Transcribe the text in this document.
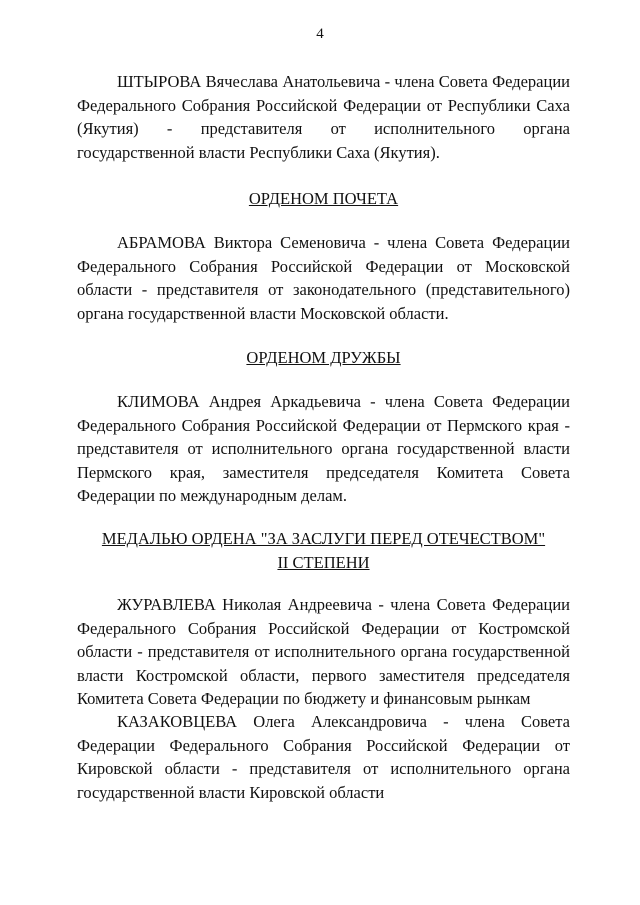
4

ШТЫРОВА Вячеслава Анатольевича - члена Совета Федерации Федерального Собрания Российской Федерации от Республики Саха (Якутия) - представителя от исполнительного органа государственной власти Республики Саха (Якутия).

ОРДЕНОМ ПОЧЕТА

АБРАМОВА Виктора Семеновича - члена Совета Федерации Федерального Собрания Российской Федерации от Московской области - представителя от законодательного (представительного) органа государственной власти Московской области.

ОРДЕНОМ ДРУЖБЫ

КЛИМОВА Андрея Аркадьевича - члена Совета Федерации Федерального Собрания Российской Федерации от Пермского края - представителя от исполнительного органа государственной власти Пермского края, заместителя председателя Комитета Совета Федерации по международным делам.

МЕДАЛЬЮ ОРДЕНА "ЗА ЗАСЛУГИ ПЕРЕД ОТЕЧЕСТВОМ"
II СТЕПЕНИ

ЖУРАВЛЕВА Николая Андреевича - члена Совета Федерации Федерального Собрания Российской Федерации от Костромской области - представителя от исполнительного органа государственной власти Костромской области, первого заместителя председателя Комитета Совета Федерации по бюджету и финансовым рынкам

КАЗАКОВЦЕВА Олега Александровича - члена Совета Федерации Федерального Собрания Российской Федерации от Кировской области - представителя от исполнительного органа государственной власти Кировской области
